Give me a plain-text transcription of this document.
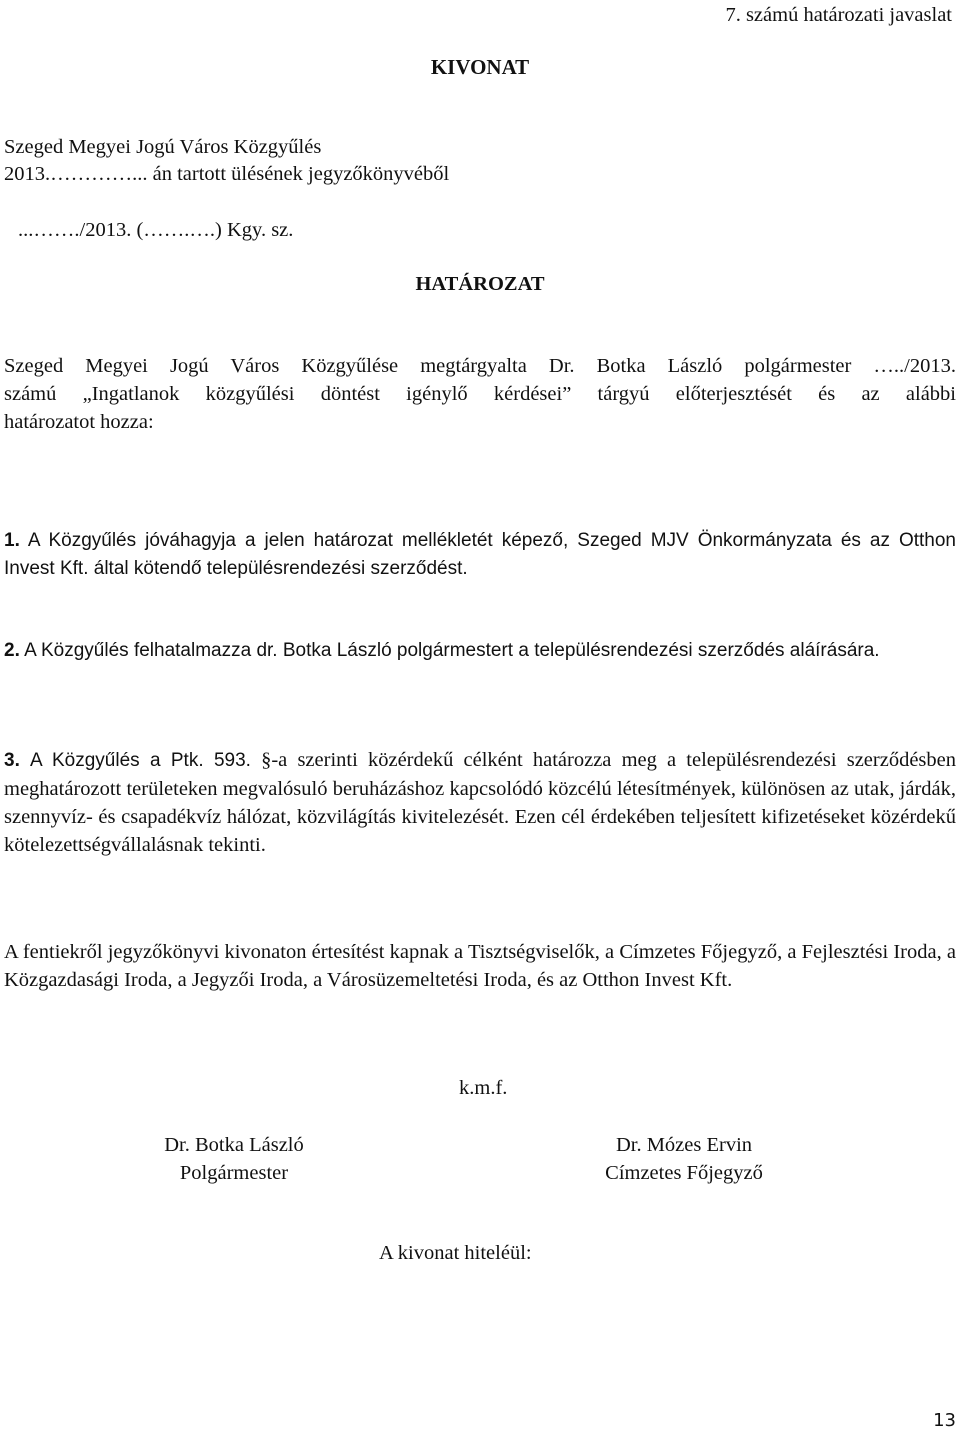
7. számú határozati javaslat
KIVONAT
Szeged Megyei Jogú Város Közgyűlés
2013.…………... án tartott ülésének jegyzőkönyvéből
...……./2013. (…….….) Kgy. sz.
HATÁROZAT
Szeged Megyei Jogú Város Közgyűlése megtárgyalta Dr. Botka László polgármester …../2013.
számú „Ingatlanok közgyűlési döntést igénylő kérdései” tárgyú előterjesztését és az alábbi
határozatot hozza:
1. A Közgyűlés jóváhagyja a jelen határozat mellékletét képező, Szeged MJV Önkormányzata és az Otthon Invest Kft. által kötendő településrendezési szerződést.
2. A Közgyűlés felhatalmazza dr. Botka László polgármestert a településrendezési szerződés aláírására.
3. A Közgyűlés a Ptk. 593. §-a szerinti közérdekű célként határozza meg a településrendezési szerződésben meghatározott területeken megvalósuló beruházáshoz kapcsolódó közcélú létesítmények, különösen az utak, járdák, szennyvíz- és csapadékvíz hálózat, közvilágítás kivitelezését. Ezen cél érdekében teljesített kifizetéseket közérdekű kötelezettségvállalásnak tekinti.
A fentiekről jegyzőkönyvi kivonaton értesítést kapnak a Tisztségviselők, a Címzetes Főjegyző, a Fejlesztési Iroda, a Közgazdasági Iroda, a Jegyzői Iroda, a Városüzemeltetési Iroda, és az Otthon Invest Kft.
k.m.f.
Dr. Botka László
Polgármester
Dr. Mózes Ervin
Címzetes Főjegyző
A kivonat hiteléül:
13
